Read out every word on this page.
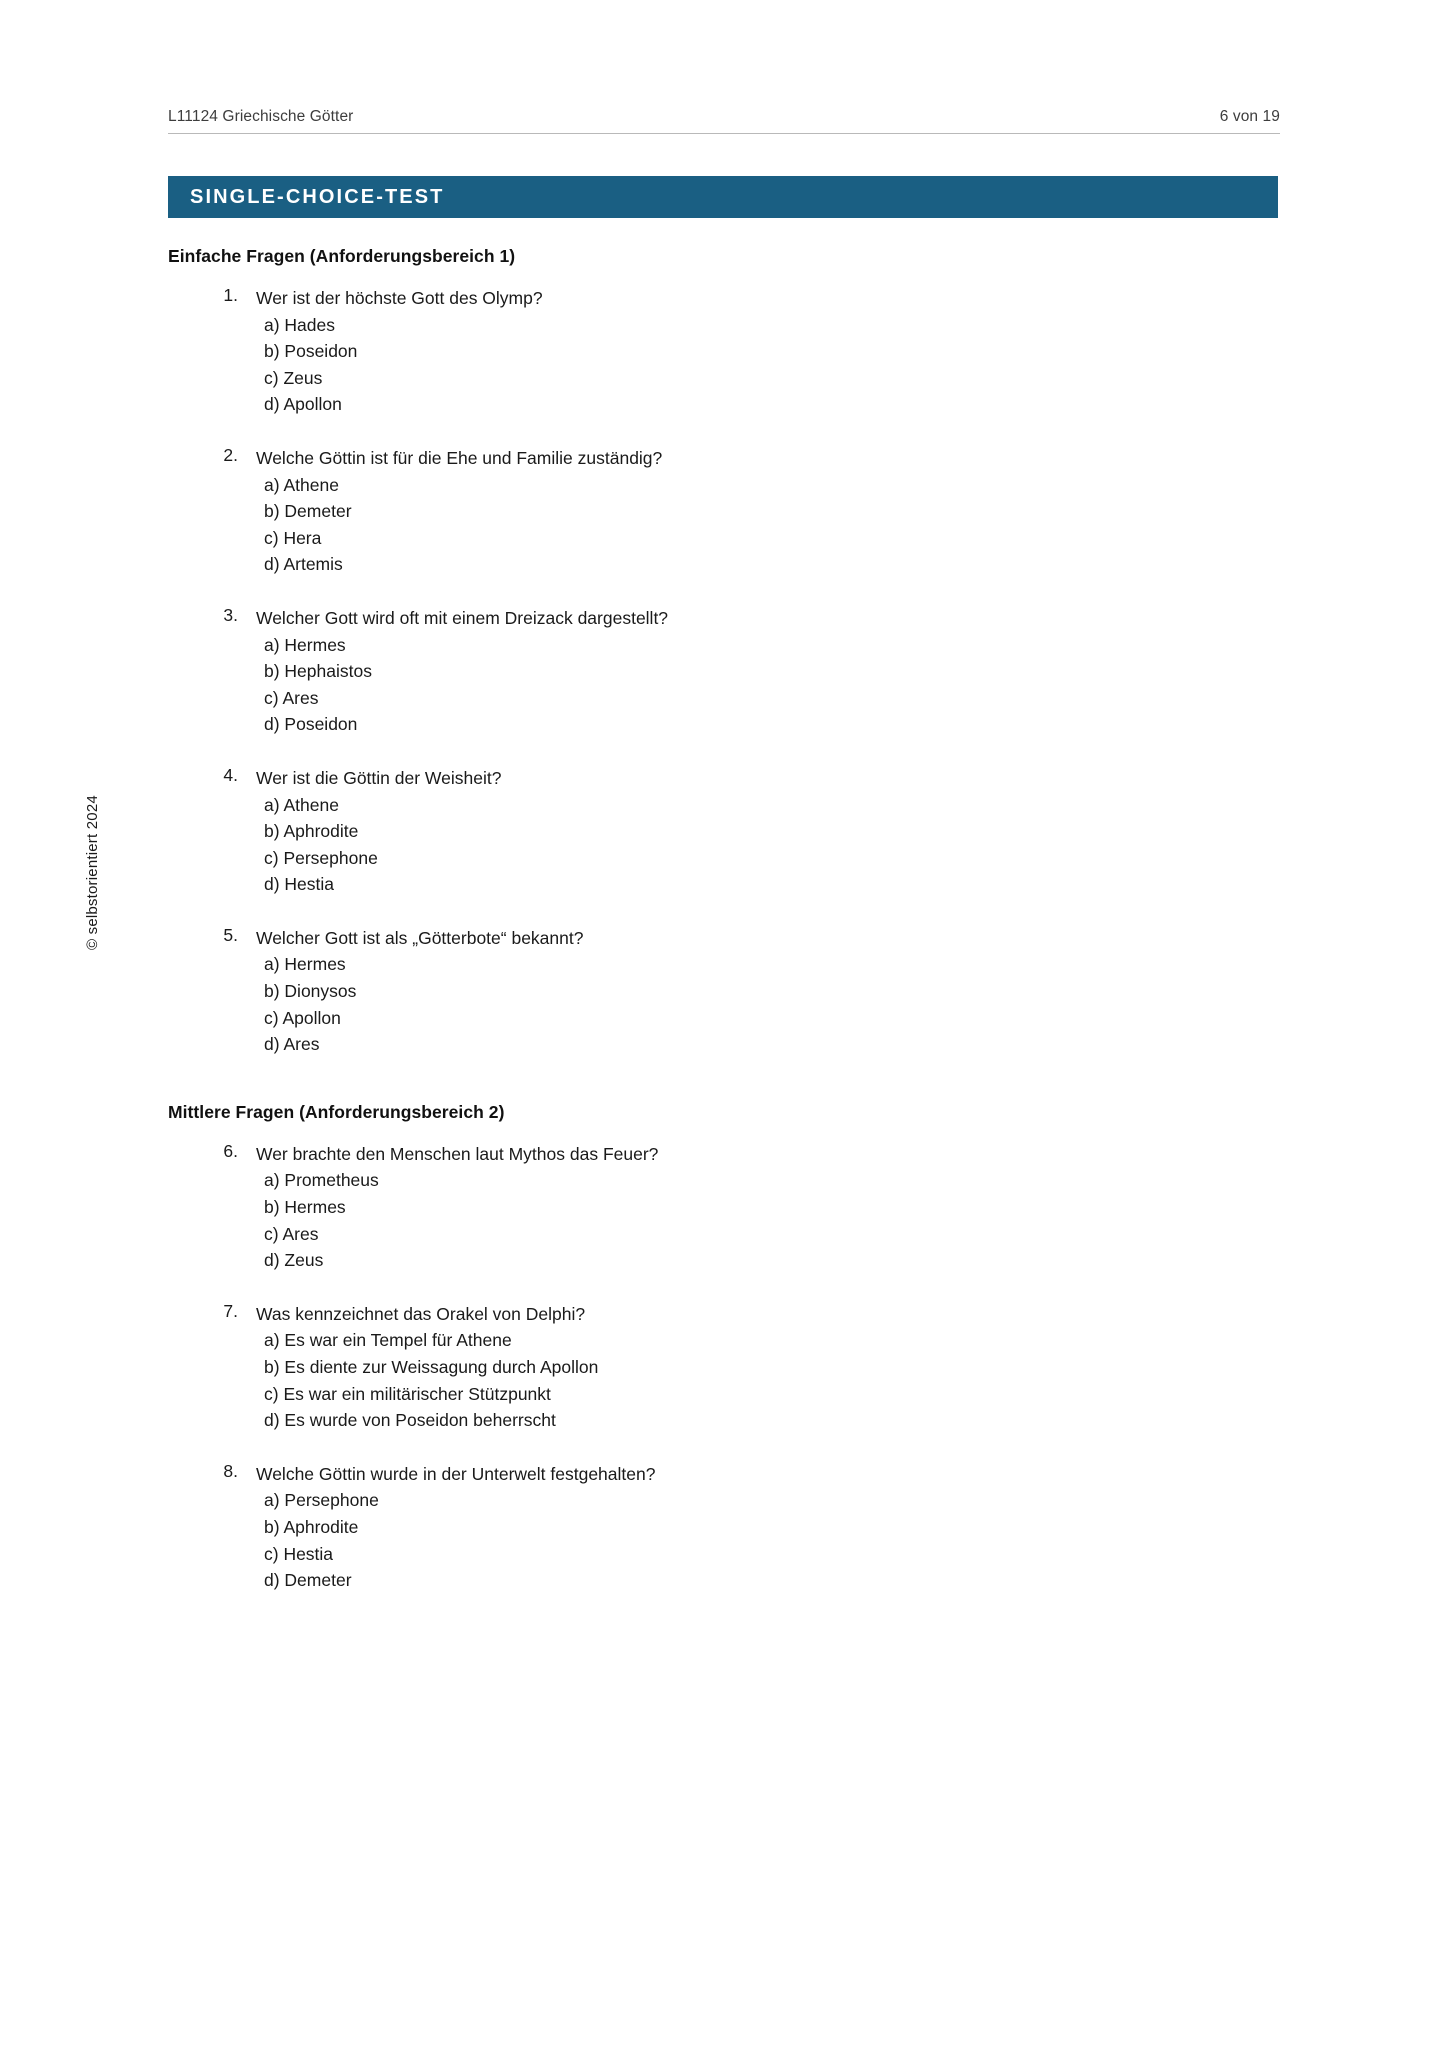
L11124 Griechische Götter	6 von 19
SINGLE-CHOICE-TEST
© selbstorientiert 2024
Einfache Fragen (Anforderungsbereich 1)
1. Wer ist der höchste Gott des Olymp?
a) Hades
b) Poseidon
c) Zeus
d) Apollon
2. Welche Göttin ist für die Ehe und Familie zuständig?
a) Athene
b) Demeter
c) Hera
d) Artemis
3. Welcher Gott wird oft mit einem Dreizack dargestellt?
a) Hermes
b) Hephaistos
c) Ares
d) Poseidon
4. Wer ist die Göttin der Weisheit?
a) Athene
b) Aphrodite
c) Persephone
d) Hestia
5. Welcher Gott ist als „Götterbote“ bekannt?
a) Hermes
b) Dionysos
c) Apollon
d) Ares
Mittlere Fragen (Anforderungsbereich 2)
6. Wer brachte den Menschen laut Mythos das Feuer?
a) Prometheus
b) Hermes
c) Ares
d) Zeus
7. Was kennzeichnet das Orakel von Delphi?
a) Es war ein Tempel für Athene
b) Es diente zur Weissagung durch Apollon
c) Es war ein militärischer Stützpunkt
d) Es wurde von Poseidon beherrscht
8. Welche Göttin wurde in der Unterwelt festgehalten?
a) Persephone
b) Aphrodite
c) Hestia
d) Demeter
